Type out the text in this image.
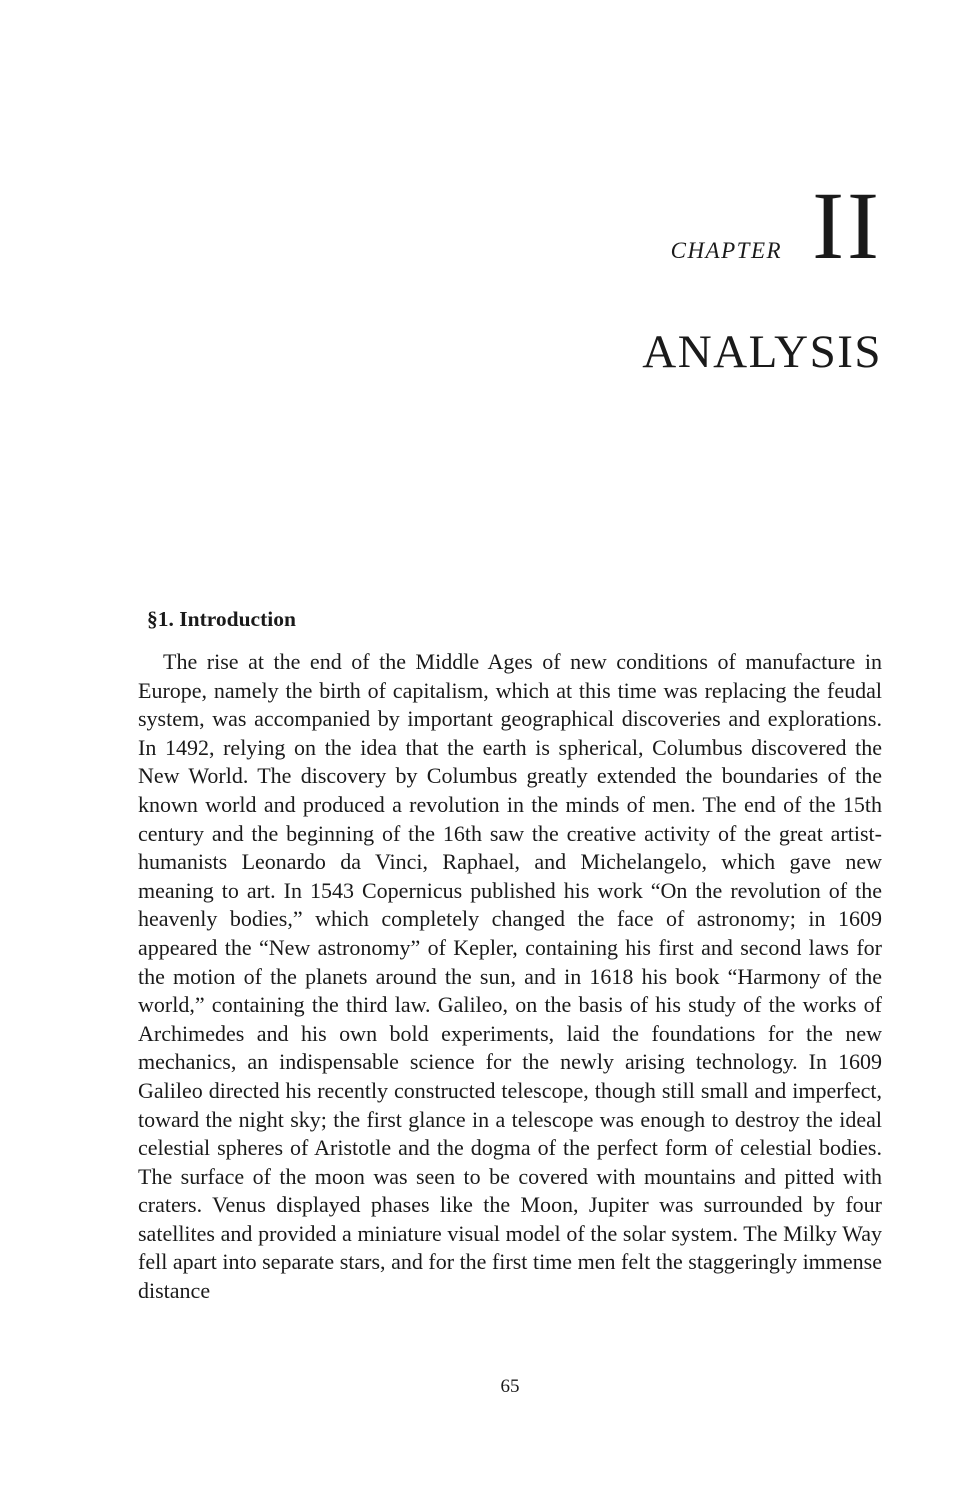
CHAPTER II
ANALYSIS
§1. Introduction

The rise at the end of the Middle Ages of new conditions of manufacture in Europe, namely the birth of capitalism, which at this time was replacing the feudal system, was accompanied by important geographical discoveries and explorations. In 1492, relying on the idea that the earth is spherical, Columbus discovered the New World. The discovery by Columbus greatly extended the boundaries of the known world and produced a revolution in the minds of men. The end of the 15th century and the beginning of the 16th saw the creative activity of the great artist-humanists Leonardo da Vinci, Raphael, and Michelangelo, which gave new meaning to art. In 1543 Copernicus published his work “On the revolution of the heavenly bodies,” which completely changed the face of astronomy; in 1609 appeared the “New astronomy” of Kepler, containing his first and second laws for the motion of the planets around the sun, and in 1618 his book “Harmony of the world,” containing the third law. Galileo, on the basis of his study of the works of Archimedes and his own bold experiments, laid the foundations for the new mechanics, an indispensable science for the newly arising technology. In 1609 Galileo directed his recently constructed telescope, though still small and imperfect, toward the night sky; the first glance in a telescope was enough to destroy the ideal celestial spheres of Aristotle and the dogma of the perfect form of celestial bodies. The surface of the moon was seen to be covered with mountains and pitted with craters. Venus displayed phases like the Moon, Jupiter was surrounded by four satellites and provided a miniature visual model of the solar system. The Milky Way fell apart into separate stars, and for the first time men felt the staggeringly immense distance

65
